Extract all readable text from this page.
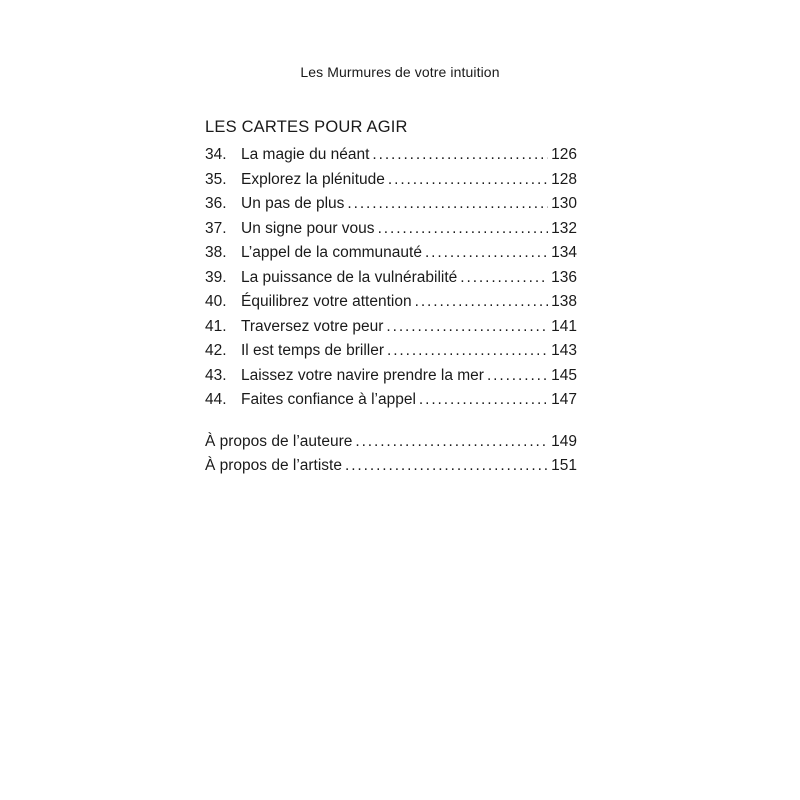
Les Murmures de votre intuition
LES CARTES POUR AGIR
34. La magie du néant . . .	126
35. Explorez la plénitude . . .	128
36. Un pas de plus . . .	130
37. Un signe pour vous . . .	132
38. L’appel de la communauté . . .	134
39. La puissance de la vulnérabilité . . .	136
40. Équilibrez votre attention . . .	138
41. Traversez votre peur . . .	141
42. Il est temps de briller . . .	143
43. Laissez votre navire prendre la mer . . .	145
44. Faites confiance à l’appel . . .	147
À propos de l’auteure . . .	149
À propos de l’artiste . . .	151
